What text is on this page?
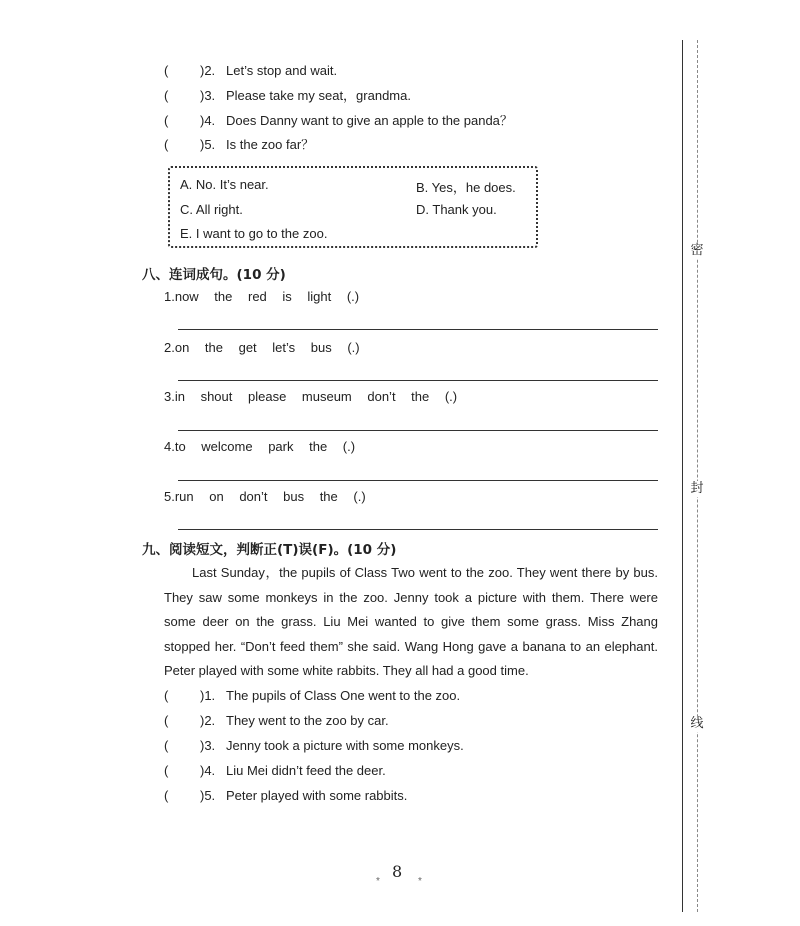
( )2. Let’s stop and wait.
( )3. Please take my seat，grandma.
( )4. Does Danny want to give an apple to the panda？
( )5. Is the zoo far？
A. No. It’s near.	B. Yes，he does.
C. All right.	D. Thank you.
E. I want to go to the zoo.
八、连词成句。(10 分)
1.now the red is light (.)
2.on the get let’s bus (.)
3.in shout please museum don’t the (.)
4.to welcome park the (.)
5.run on don’t bus the (.)
九、阅读短文，判断正(T)误(F)。(10 分)

Last Sunday，the pupils of Class Two went to the zoo. They went there by bus. They saw some monkeys in the zoo. Jenny took a picture with them. There were some deer on the grass. Liu Mei wanted to give them some grass. Miss Zhang stopped her. “Don’t feed them” she said. Wang Hong gave a banana to an elephant. Peter played with some white rabbits. They all had a good time.

( )1. The pupils of Class One went to the zoo.
( )2. They went to the zoo by car.
( )3. Jenny took a picture with some monkeys.
( )4. Liu Mei didn’t feed the deer.
( )5. Peter played with some rabbits.
密
封
线
*
8
*
